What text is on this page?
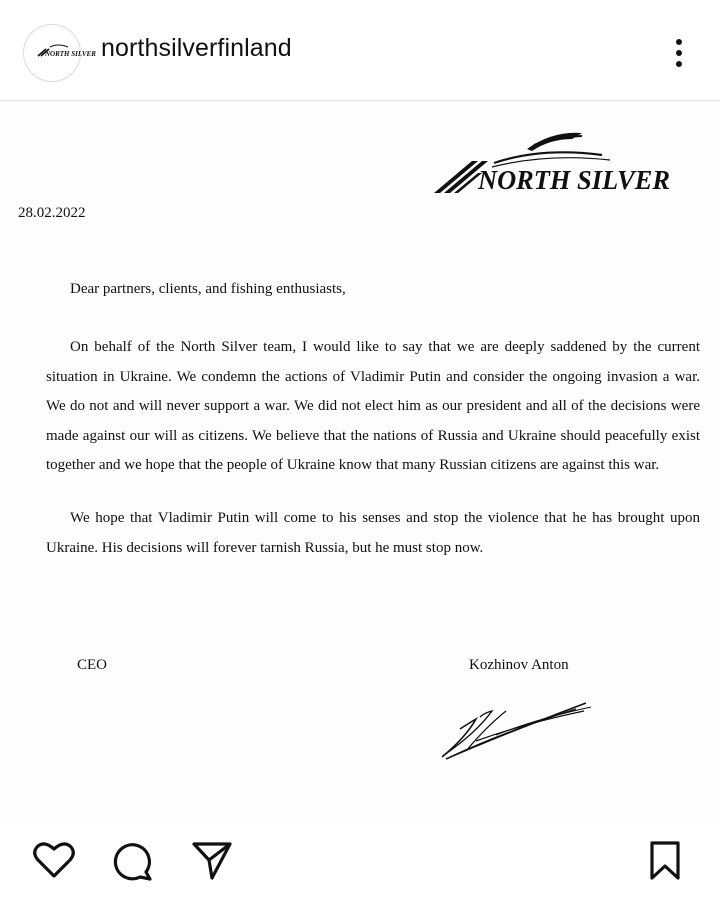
NORTH SILVER northsilverfinland
NORTH SILVER
28.02.2022
Dear partners, clients, and fishing enthusiasts,

On behalf of the North Silver team, I would like to say that we are deeply saddened by the current situation in Ukraine. We condemn the actions of Vladimir Putin and consider the ongoing invasion a war. We do not and will never support a war. We did not elect him as our president and all of the decisions were made against our will as citizens. We believe that the nations of Russia and Ukraine should peacefully exist together and we hope that the people of Ukraine know that many Russian citizens are against this war.

We hope that Vladimir Putin will come to his senses and stop the violence that he has brought upon Ukraine. His decisions will forever tarnish Russia, but he must stop now.

CEO	Kozhinov Anton
